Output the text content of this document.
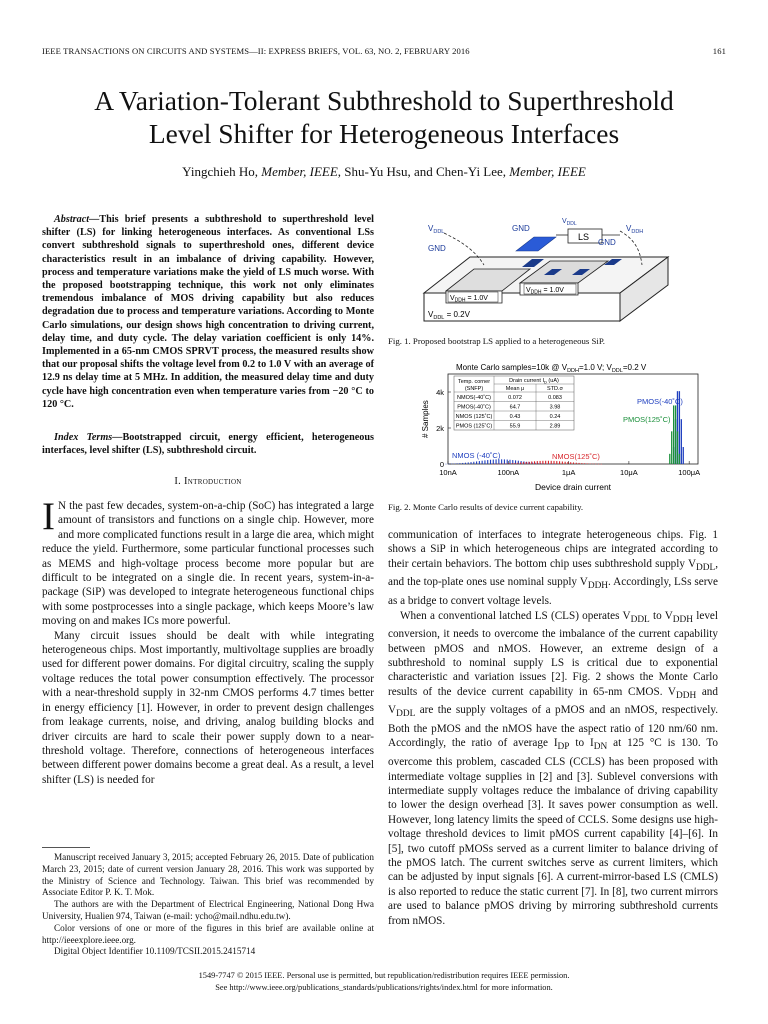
IEEE TRANSACTIONS ON CIRCUITS AND SYSTEMS—II: EXPRESS BRIEFS, VOL. 63, NO. 2, FEBRUARY 2016	161
A Variation-Tolerant Subthreshold to Superthreshold
Level Shifter for Heterogeneous Interfaces
Yingchieh Ho, Member, IEEE, Shu-Yu Hsu, and Chen-Yi Lee, Member, IEEE
Abstract—This brief presents a subthreshold to superthreshold level shifter (LS) for linking heterogeneous interfaces. As conventional LSs convert subthreshold signals to superthreshold ones, different device characteristics result in an imbalance of driving capability. However, process and temperature variations make the yield of LS much worse. With the proposed bootstrapping technique, this work not only eliminates tremendous imbalance of MOS driving capability but also reduces degradation due to process and temperature variations. According to Monte Carlo simulations, our design shows high concentration to driving current, delay time, and duty cycle. The delay variation coefficient is only 14%. Implemented in a 65-nm CMOS SPRVT process, the measured results show that our proposal shifts the voltage level from 0.2 to 1.0 V with an average of 12.9 ns delay time at 5 MHz. In addition, the measured delay time and duty cycle have high concentration even when temperature varies from −20 °C to 120 °C.
Index Terms—Bootstrapped circuit, energy efficient, heterogeneous interfaces, level shifter (LS), subthreshold circuit.
I. Introduction

I N the past few decades, system-on-a-chip (SoC) has integrated a large amount of transistors and functions on a single chip. However, more and more complicated functions result in a large die area, which might reduce the yield. Furthermore, some particular functional processes such as MEMS and high-voltage process become more popular but are difficult to be integrated on a single die. In recent years, system-in-a-package (SiP) was developed to integrate heterogeneous functional chips with some postprocesses into a single package, which keeps Moore’s law moving on and makes ICs more powerful.

Many circuit issues should be dealt with while integrating heterogeneous chips. Most importantly, multivoltage supplies are broadly used for different power domains. For digital circuitry, scaling the supply voltage reduces the total power consumption effectively. The processor with a near-threshold supply in 32-nm CMOS performs 4.7 times better in energy efficiency [1]. However, in order to prevent design challenges from leakage currents, noise, and driving, analog building blocks and driver circuits are hard to scale their power supply down to a near-threshold voltage. Therefore, connections of heterogeneous interfaces between different power domains become a great deal. As a result, a level shifter (LS) is needed for

Manuscript received January 3, 2015; accepted February 26, 2015. Date of publication March 23, 2015; date of current version January 28, 2016. This work was supported by the Ministry of Science and Technology. Taiwan. This brief was recommended by Associate Editor P. K. T. Mok.

The authors are with the Department of Electrical Engineering, National Dong Hwa University, Hualien 974, Taiwan (e-mail: ycho@mail.ndhu.edu.tw).

Color versions of one or more of the figures in this brief are available online at http://ieeexplore.ieee.org.

Digital Object Identifier 10.1109/TCSII.2015.2415714

1549-7747 © 2015 IEEE. Personal use is permitted, but republication/redistribution requires IEEE permission.
See http://www.ieee.org/publications_standards/publications/rights/index.html for more information.
LS
$V_{DDL}$
GND
GND
$V_{DDL}$	$V_{DDH}$
GND
$V_{DDH} = 1.0V$
$V_{DDH} = 1.0V$
$V_{DDL} = 0.2V$
Fig. 1. Proposed bootstrap LS applied to a heterogeneous SiP.
Monte Carlo samples=10k @ $V_{DDH}=1.0$ V; $V_{DDL}=0.2$ V
# Samples
4k
2k
0
10nA	100nA	1μA	10μA	100μA
Device drain current
Temp. corner
(SNFP)
Drain current $I_D$ (uA)
Mean μ	STD.σ
NMOS(-40˚C)	0.072	0.083
PMOS(-40˚C)	64.7	3.98
NMOS (125˚C)	0.43	0.24
PMOS (125˚C)	55.9	2.89
PMOS(-40˚C)
PMOS(125˚C)
NMOS (-40˚C)	NMOS(125˚C)
Fig. 2. Monte Carlo results of device current capability.

communication of interfaces to integrate heterogeneous chips. Fig. 1 shows a SiP in which heterogeneous chips are integrated according to their certain behaviors. The bottom chip uses subthreshold supply $V_{DDL}$, and the top-plate ones use nominal supply $V_{DDH}$. Accordingly, LSs serve as a bridge to convert voltage levels.

When a conventional latched LS (CLS) operates $V_{DDL}$ to $V_{DDH}$ level conversion, it needs to overcome the imbalance of the current capability between pMOS and nMOS. However, an extreme design of a subthreshold to nominal supply LS is critical due to exponential characteristic and variation issues [2]. Fig. 2 shows the Monte Carlo results of the device current capability in 65-nm CMOS. $V_{DDH}$ and $V_{DDL}$ are the supply voltages of a pMOS and an nMOS, respectively. Both the pMOS and the nMOS have the aspect ratio of 120 nm/60 nm. Accordingly, the ratio of average $I_{DP}$ to $I_{DN}$ at 125 °C is 130. To overcome this problem, cascaded CLS (CCLS) has been proposed with intermediate voltage supplies in [2] and [3]. Sublevel conversions with intermediate supply voltages reduce the imbalance of driving capability to lower the design overhead [3]. It saves power consumption as well. However, long latency limits the speed of CCLS. Some designs use high-voltage threshold devices to limit pMOS current capability [4]–[6]. In [5], two cutoff pMOSs served as a current limiter to balance driving of the pMOS latch. The current switches serve as current limiters, which can be adjusted by input signals [6]. A current-mirror-based LS (CMLS) is also reported to reduce the static current [7]. In [8], two current mirrors are used to balance pMOS driving by mirroring subthreshold currents from nMOS.
